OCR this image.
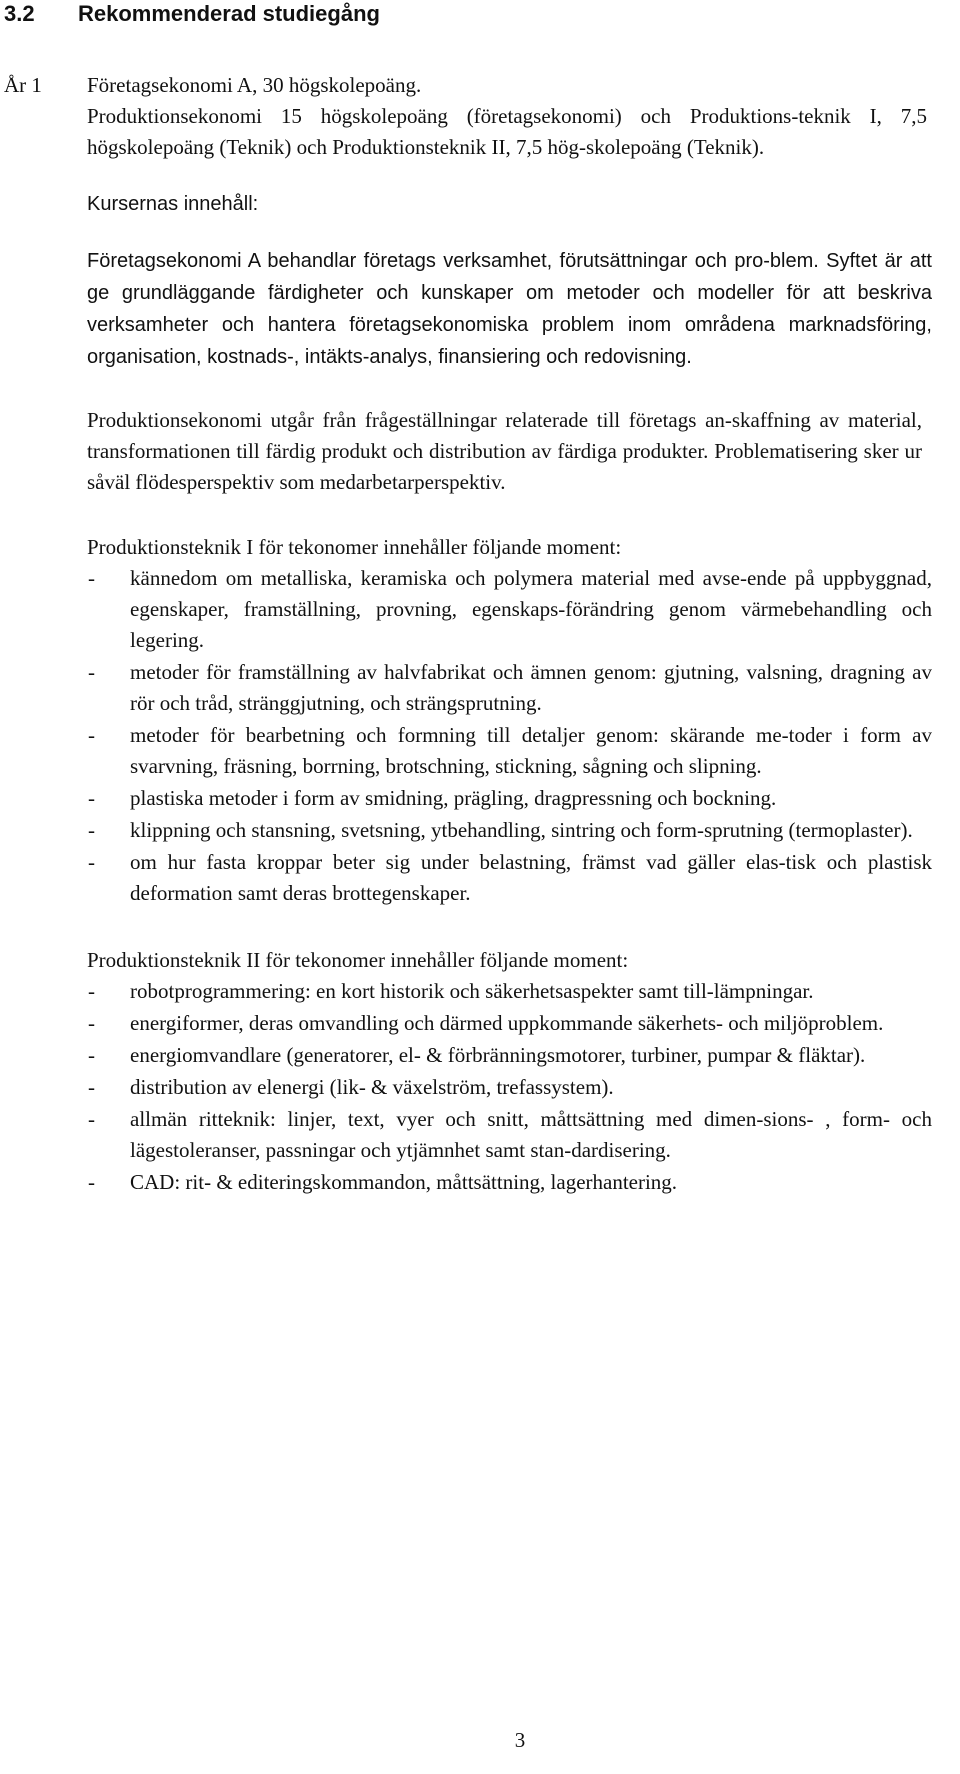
3.2 Rekommenderad studiegång
År 1 Företagsekonomi A, 30 högskolepoäng.

Produktionsekonomi 15 högskolepoäng (företagsekonomi) och Produktions-teknik I, 7,5 högskolepoäng (Teknik) och Produktionsteknik II, 7,5 hög-skolepoäng (Teknik).

Kursernas innehåll:

Företagsekonomi A behandlar företags verksamhet, förutsättningar och pro-blem. Syftet är att ge grundläggande färdigheter och kunskaper om metoder och modeller för att beskriva verksamheter och hantera företagsekonomiska problem inom områdena marknadsföring, organisation, kostnads-, intäkts-analys, finansiering och redovisning.

Produktionsekonomi utgår från frågeställningar relaterade till företags an-skaffning av material, transformationen till färdig produkt och distribution av färdiga produkter. Problematisering sker ur såväl flödesperspektiv som medarbetarperspektiv.

Produktionsteknik I för tekonomer innehåller följande moment:

- kännedom om metalliska, keramiska och polymera material med avse-ende på uppbyggnad, egenskaper, framställning, provning, egenskaps-förändring genom värmebehandling och legering.
- metoder för framställning av halvfabrikat och ämnen genom: gjutning, valsning, dragning av rör och tråd, stränggjutning, och strängsprutning.
- metoder för bearbetning och formning till detaljer genom: skärande me-toder i form av svarvning, fräsning, borrning, brotschning, stickning, sågning och slipning.
- plastiska metoder i form av smidning, prägling, dragpressning och bockning.
- klippning och stansning, svetsning, ytbehandling, sintring och form-sprutning (termoplaster).
- om hur fasta kroppar beter sig under belastning, främst vad gäller elas-tisk och plastisk deformation samt deras brottegenskaper.

Produktionsteknik II för tekonomer innehåller följande moment:

- robotprogrammering: en kort historik och säkerhetsaspekter samt till-lämpningar.
- energiformer, deras omvandling och därmed uppkommande säkerhets- och miljöproblem.
- energiomvandlare (generatorer, el- & förbränningsmotorer, turbiner, pumpar & fläktar).
- distribution av elenergi (lik- & växelström, trefassystem).
- allmän ritteknik: linjer, text, vyer och snitt, måttsättning med dimen-sions- , form- och lägestoleranser, passningar och ytjämnhet samt stan-dardisering.
- CAD: rit- & editeringskommandon, måttsättning, lagerhantering.
3
